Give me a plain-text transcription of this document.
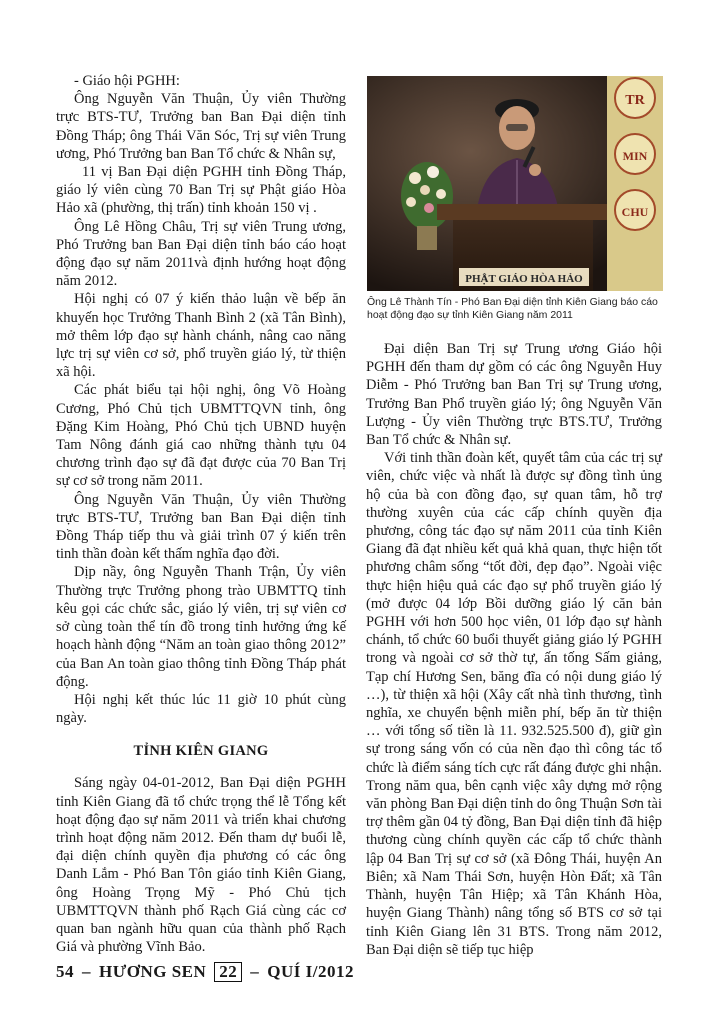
- Giáo hội PGHH:

Ông Nguyễn Văn Thuận, Ủy viên Thường trực BTS-TƯ, Trưởng ban Ban Đại diện tỉnh Đồng Tháp; ông Thái Văn Sóc, Trị sự viên Trung ương, Phó Trưởng ban Ban Tổ chức & Nhân sự,

11 vị Ban Đại diện PGHH tỉnh Đồng Tháp, giáo lý viên cùng 70 Ban Trị sự Phật giáo Hòa Hảo xã (phường, thị trấn) tỉnh khoản 150 vị .

Ông Lê Hồng Châu, Trị sự viên Trung ương, Phó Trưởng ban Ban Đại diện tỉnh báo cáo hoạt động đạo sự năm 2011và định hướng hoạt động năm 2012.

Hội nghị có 07 ý kiến thảo luận về bếp ăn khuyến học Trưởng Thanh Bình 2 (xã Tân Bình), mở thêm lớp đạo sự hành chánh, nâng cao năng lực trị sự viên cơ sở, phổ truyền giáo lý, từ thiện xã hội.

Các phát biểu tại hội nghị, ông Võ Hoàng Cương, Phó Chủ tịch UBMTTQVN tỉnh, ông Đặng Kim Hoàng, Phó Chủ tịch UBND huyện Tam Nông đánh giá cao những thành tựu 04 chương trình đạo sự đã đạt được của 70 Ban Trị sự cơ sở trong năm 2011.

Ông Nguyễn Văn Thuận, Ủy viên Thường trực BTS-TƯ, Trưởng ban Ban Đại diện tỉnh Đồng Tháp tiếp thu và giải trình 07 ý kiến trên tinh thần đoàn kết thấm nghĩa đạo đời.

Dịp nầy, ông Nguyễn Thanh Trận, Ủy viên Thường trực Trưởng phong trào UBMTTQ tỉnh kêu gọi các chức sắc, giáo lý viên, trị sự viên cơ sở cùng toàn thể tín đồ trong tỉnh hưởng ứng kế hoạch hành động “Năm an toàn giao thông 2012” của Ban An toàn giao thông tỉnh Đồng Tháp phát động.

Hội nghị kết thúc lúc 11 giờ 10 phút cùng ngày.

TỈNH KIÊN GIANG

Sáng ngày 04-01-2012, Ban Đại diện PGHH tỉnh Kiên Giang đã tổ chức trọng thể lễ Tổng kết hoạt động đạo sự năm 2011 và triển khai chương trình hoạt động năm 2012. Đến tham dự buổi lễ, đại diện chính quyền địa phương có các ông Danh Lắm - Phó Ban Tôn giáo tỉnh Kiên Giang, ông Hoàng Trọng Mỹ - Phó Chủ tịch UBMTTQVN thành phố Rạch Giá cùng các cơ quan ban ngành hữu quan của thành phố Rạch Giá và phường Vĩnh Bảo.

TR
MIN
CHU
PHẬT GIÁO HÒA HẢO
Ông Lê Thành Tín - Phó Ban Đại diện tỉnh Kiên Giang báo cáo hoạt động đạo sự tỉnh Kiên Giang năm 2011

Đại diện Ban Trị sự Trung ương Giáo hội PGHH đến tham dự gồm có các ông Nguyễn Huy Diễm - Phó Trưởng ban Ban Trị sự Trung ương, Trưởng Ban Phổ truyền giáo lý; ông Nguyễn Văn Lượng - Ủy viên Thường trực BTS.TƯ, Trưởng Ban Tổ chức & Nhân sự.

Với tinh thần đoàn kết, quyết tâm của các trị sự viên, chức việc và nhất là được sự đồng tình ủng hộ của bà con đồng đạo, sự quan tâm, hỗ trợ thường xuyên của các cấp chính quyền địa phương, công tác đạo sự năm 2011 của tỉnh Kiên Giang đã đạt nhiều kết quả khả quan, thực hiện tốt phương châm sống “tốt đời, đẹp đạo”. Ngoài việc thực hiện hiệu quả các đạo sự phổ truyền giáo lý (mở được 04 lớp Bồi dưỡng giáo lý căn bản PGHH với hơn 500 học viên, 01 lớp đạo sự hành chánh, tổ chức 60 buổi thuyết giảng giáo lý PGHH trong và ngoài cơ sở thờ tự, ấn tống Sấm giảng, Tạp chí Hương Sen, băng đĩa có nội dung giáo lý …), từ thiện xã hội (Xây cất nhà tình thương, tình nghĩa, xe chuyển bệnh miễn phí, bếp ăn từ thiện … với tổng số tiền là 11. 932.525.500 đ), giữ gìn sự trong sáng vốn có của nền đạo thì công tác tổ chức là điểm sáng tích cực rất đáng được ghi nhận. Trong năm qua, bên cạnh việc xây dựng mở rộng văn phòng Ban Đại diện tỉnh do ông Thuận Sơn tài trợ thêm gần 04 tỷ đồng, Ban Đại diện tỉnh đã hiệp thương cùng chính quyền các cấp tổ chức thành lập 04 Ban Trị sự cơ sở (xã Đông Thái, huyện An Biên; xã Nam Thái Sơn, huyện Hòn Đất; xã Tân Thành, huyện Tân Hiệp; xã Tân Khánh Hòa, huyện Giang Thành) nâng tổng số BTS cơ sở tại tỉnh Kiên Giang lên 31 BTS. Trong năm 2012, Ban Đại diện sẽ tiếp tục hiệp

54 – HƯƠNG SEN 22 – QUÍ I/2012
